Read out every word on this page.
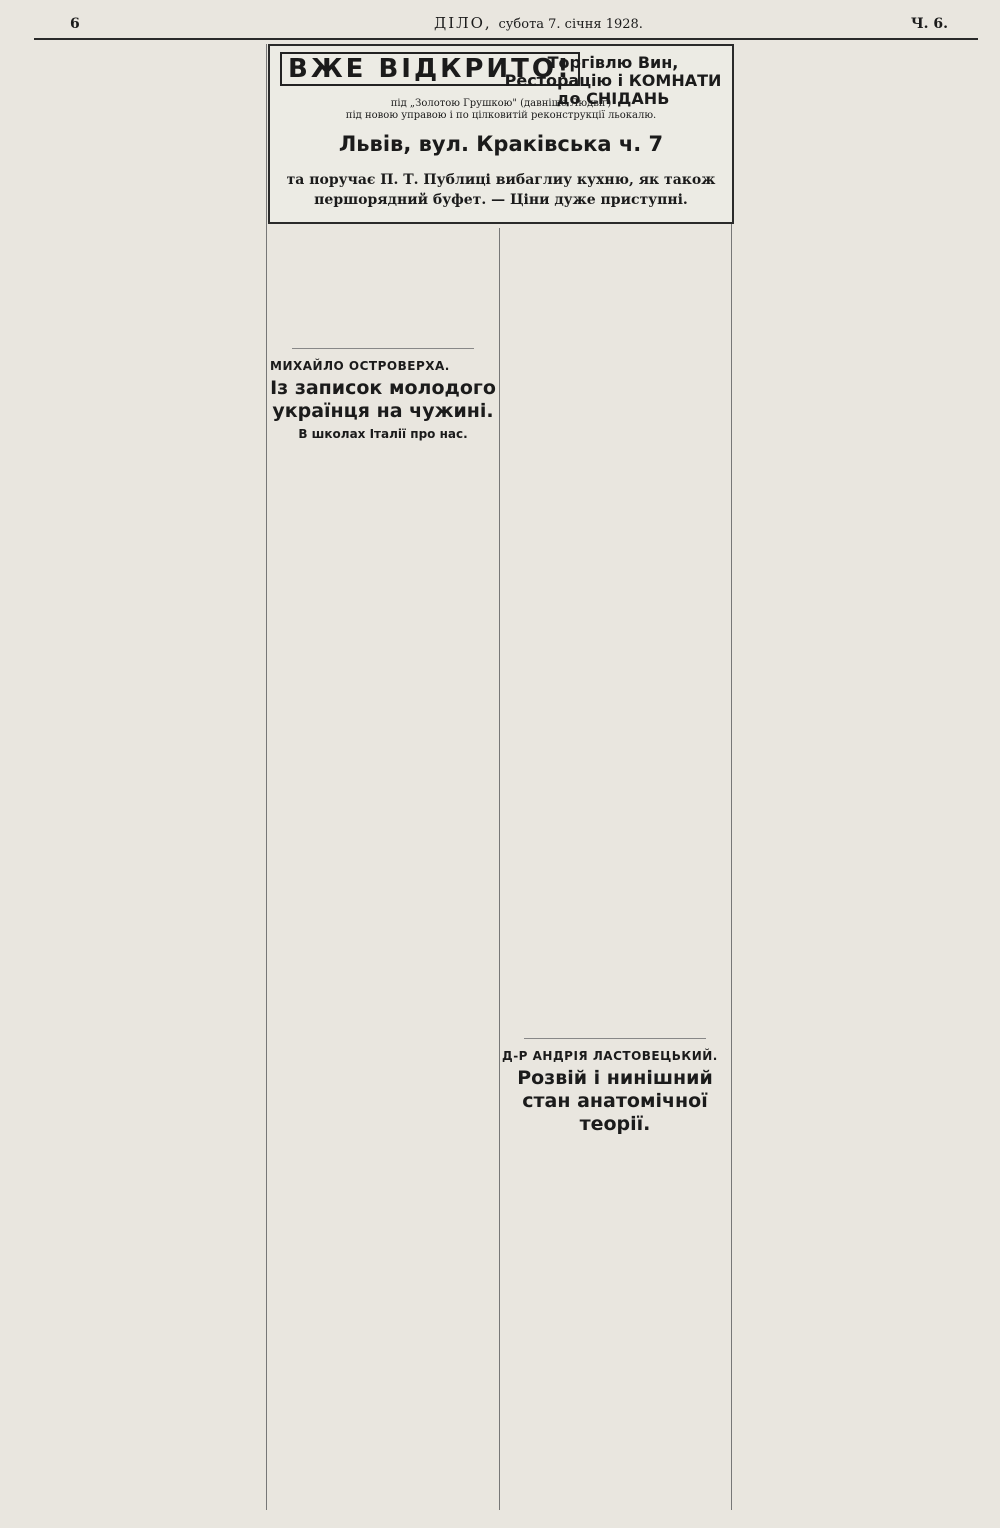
6	ДІЛО, субота 7. січня 1928.	Ч. 6.
ВЖЕ ВІДКРИТО!
Торгівлю Вин, Ресторацію і КОМНАТИ до СНІДАНЬ
під „Золотою Грушкою" (давніше Людвіґ)
під новою управою і по цілковитій реконструкції льокалю.
Львів, вул. Краківська ч. 7
та поручає П. Т. Публиці вибаглиу кухню, як також першорядний буфет. — Ціни дуже приступні.
МИХАЙЛО ОСТРОВЕРХА.
Із записок молодого українця на чужині.
В школах Італії про нас.
Д-Р АНДРІЯ ЛАСТОВЕЦЬКИЙ.
Розвій і нинішний стан анатомічної теорії.
